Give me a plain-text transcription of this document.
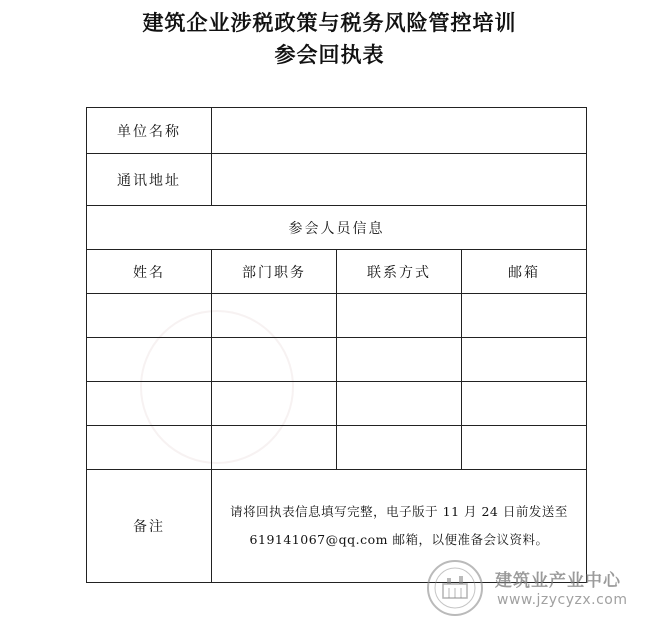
建筑企业涉税政策与税务风险管控培训
参会回执表
单位名称			
通讯地址			
参会人员信息			
姓名	部门职务	联系方式	邮箱

备注	请将回执表信息填写完整，电子版于 11 月 24 日前发送至
619141067@qq.com 邮箱，以便准备会议资料。		
建筑业产业中心
www.jzycyzx.com
